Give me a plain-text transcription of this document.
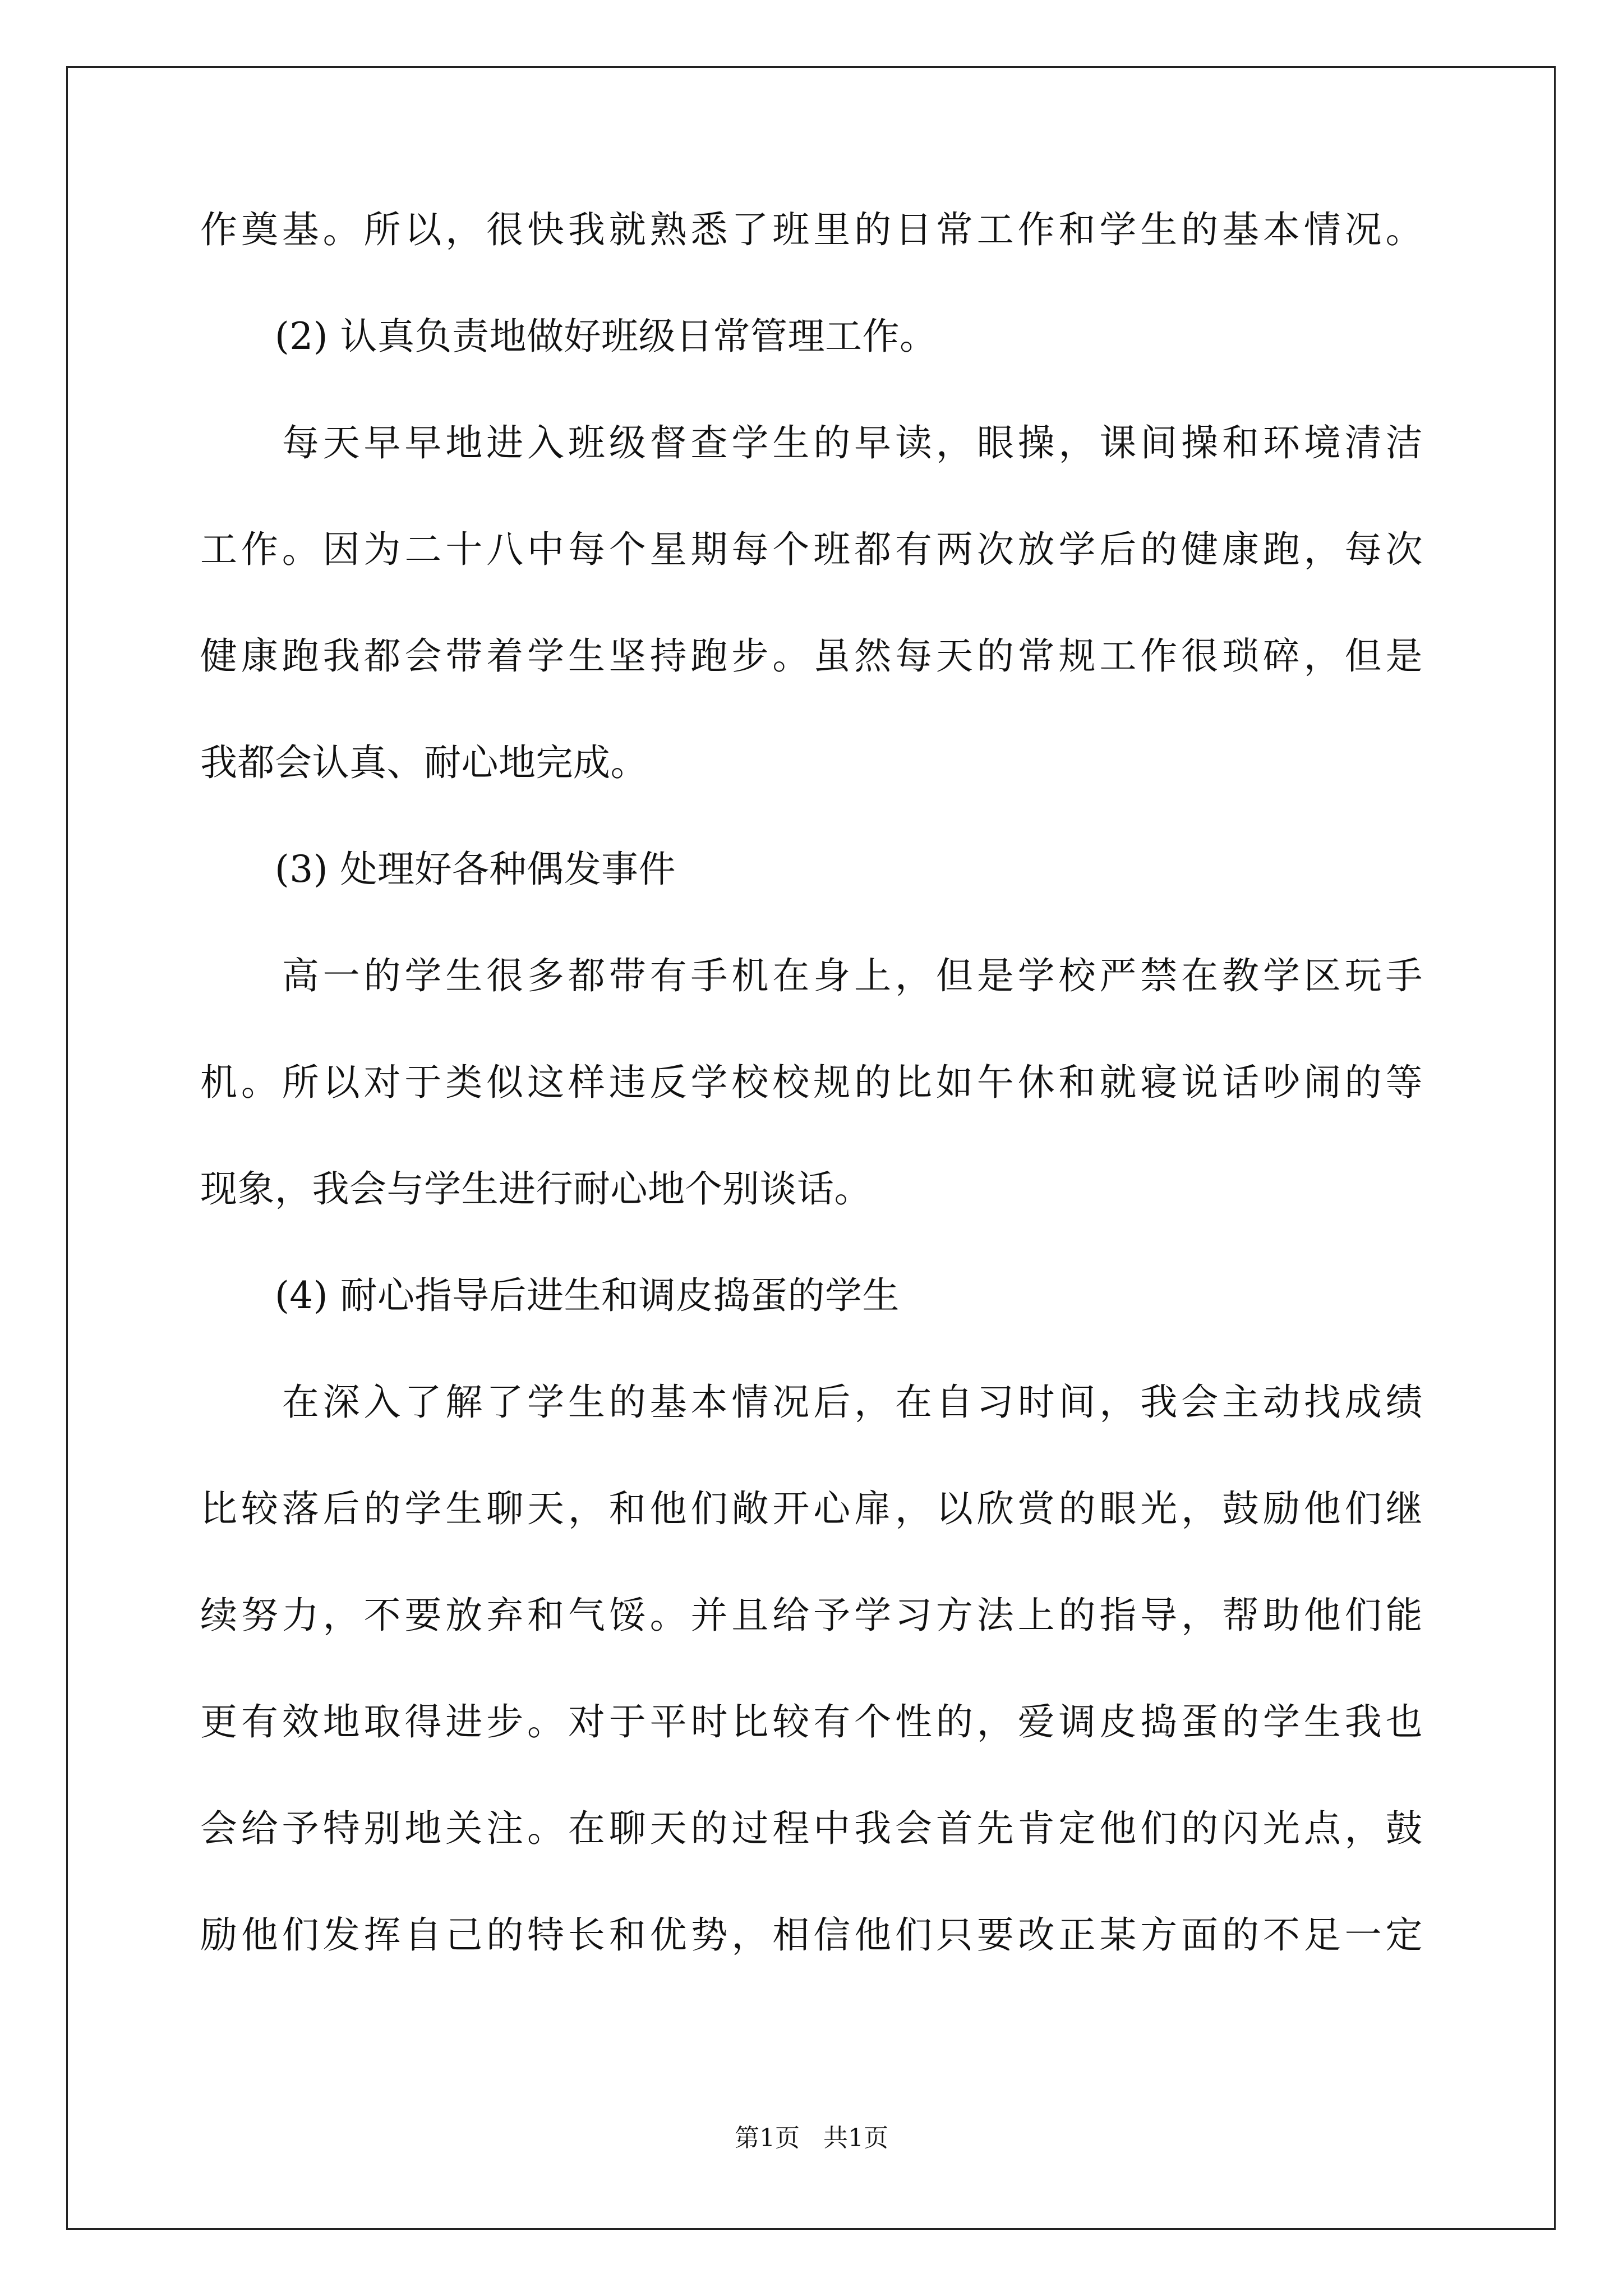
作奠基。所以，很快我就熟悉了班里的日常工作和学生的基本情况。
　　(2) 认真负责地做好班级日常管理工作。
　　每天早早地进入班级督查学生的早读，眼操，课间操和环境清洁
工作。因为二十八中每个星期每个班都有两次放学后的健康跑，每次
健康跑我都会带着学生坚持跑步。虽然每天的常规工作很琐碎，但是
我都会认真、耐心地完成。
　　(3) 处理好各种偶发事件
　　高一的学生很多都带有手机在身上，但是学校严禁在教学区玩手
机。所以对于类似这样违反学校校规的比如午休和就寝说话吵闹的等
现象，我会与学生进行耐心地个别谈话。
　　(4) 耐心指导后进生和调皮捣蛋的学生
　　在深入了解了学生的基本情况后，在自习时间，我会主动找成绩
比较落后的学生聊天，和他们敞开心扉，以欣赏的眼光，鼓励他们继
续努力，不要放弃和气馁。并且给予学习方法上的指导，帮助他们能
更有效地取得进步。对于平时比较有个性的，爱调皮捣蛋的学生我也
会给予特别地关注。在聊天的过程中我会首先肯定他们的闪光点，鼓
励他们发挥自己的特长和优势，相信他们只要改正某方面的不足一定
第1页   共1页
